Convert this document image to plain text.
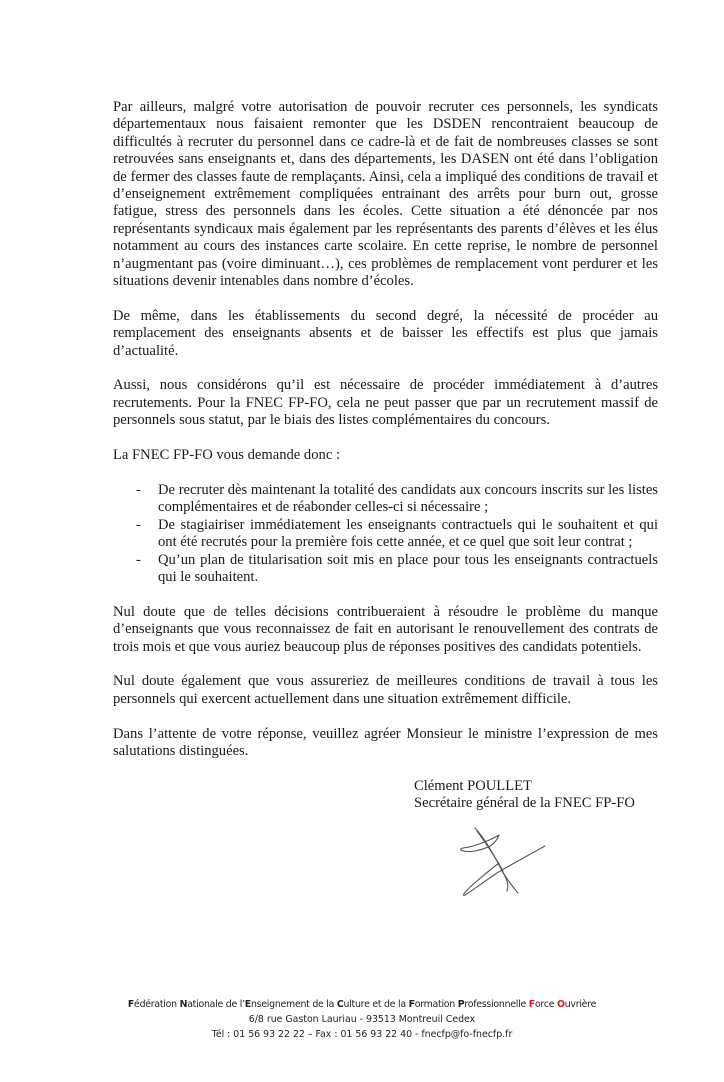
Par ailleurs, malgré votre autorisation de pouvoir recruter ces personnels, les syndicats départementaux nous faisaient remonter que les DSDEN rencontraient beaucoup de difficultés à recruter du personnel dans ce cadre-là et de fait de nombreuses classes se sont retrouvées sans enseignants et, dans des départements, les DASEN ont été dans l’obligation de fermer des classes faute de remplaçants. Ainsi, cela a impliqué des conditions de travail et d’enseignement extrêmement compliquées entrainant des arrêts pour burn out, grosse fatigue, stress des personnels dans les écoles. Cette situation a été dénoncée par nos représentants syndicaux mais également par les représentants des parents d’élèves et les élus notamment au cours des instances carte scolaire. En cette reprise, le nombre de personnel n’augmentant pas (voire diminuant…), ces problèmes de remplacement vont perdurer et les situations devenir intenables dans nombre d’écoles.

De même, dans les établissements du second degré, la nécessité de procéder au remplacement des enseignants absents et de baisser les effectifs est plus que jamais d’actualité.

Aussi, nous considérons qu’il est nécessaire de procéder immédiatement à d’autres recrutements. Pour la FNEC FP-FO, cela ne peut passer que par un recrutement massif de personnels sous statut, par le biais des listes complémentaires du concours.

La FNEC FP-FO vous demande donc :

- De recruter dès maintenant la totalité des candidats aux concours inscrits sur les listes complémentaires et de réabonder celles-ci si nécessaire ;
- De stagiairiser immédiatement les enseignants contractuels qui le souhaitent et qui ont été recrutés pour la première fois cette année, et ce quel que soit leur contrat ;
- Qu’un plan de titularisation soit mis en place pour tous les enseignants contractuels qui le souhaitent.

Nul doute que de telles décisions contribueraient à résoudre le problème du manque d’enseignants que vous reconnaissez de fait en autorisant le renouvellement des contrats de trois mois et que vous auriez beaucoup plus de réponses positives des candidats potentiels.

Nul doute également que vous assureriez de meilleures conditions de travail à tous les personnels qui exercent actuellement dans une situation extrêmement difficile.

Dans l’attente de votre réponse, veuillez agréer Monsieur le ministre l’expression de mes salutations distinguées.

Clément POULLET
Secrétaire général de la FNEC FP-FO
Fédération Nationale de l’Enseignement de la Culture et de la Formation Professionnelle Force Ouvrière
6/8 rue Gaston Lauriau - 93513 Montreuil Cedex
Tél : 01 56 93 22 22 – Fax : 01 56 93 22 40 - fnecfp@fo-fnecfp.fr
